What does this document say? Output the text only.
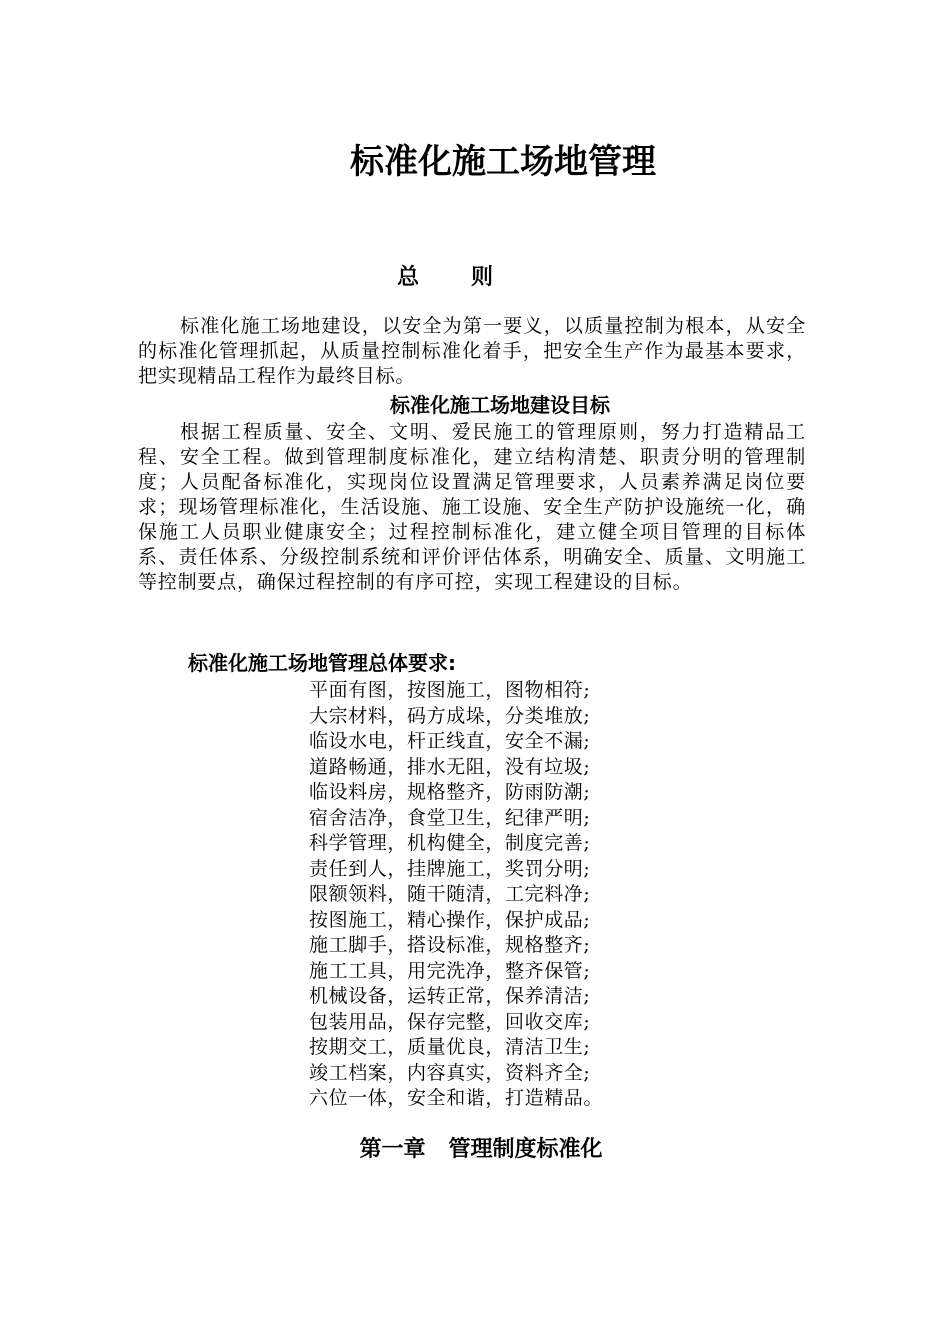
标准化施工场地管理
总则

标准化施工场地建设，以安全为第一要义，以质量控制为根本，从安全的标准化管理抓起，从质量控制标准化着手，把安全生产作为最基本要求，把实现精品工程作为最终目标。

标准化施工场地建设目标

根据工程质量、安全、文明、爱民施工的管理原则，努力打造精品工程、安全工程。做到管理制度标准化，建立结构清楚、职责分明的管理制度；人员配备标准化，实现岗位设置满足管理要求，人员素养满足岗位要求；现场管理标准化，生活设施、施工设施、安全生产防护设施统一化，确保施工人员职业健康安全；过程控制标准化，建立健全项目管理的目标体系、责任体系、分级控制系统和评价评估体系，明确安全、质量、文明施工等控制要点，确保过程控制的有序可控，实现工程建设的目标。

标准化施工场地管理总体要求:
平面有图，按图施工，图物相符;
大宗材料，码方成垛，分类堆放;
临设水电，杆正线直，安全不漏;
道路畅通，排水无阻，没有垃圾;
临设料房，规格整齐，防雨防潮;
宿舍洁净，食堂卫生，纪律严明;
科学管理，机构健全，制度完善;
责任到人，挂牌施工，奖罚分明;
限额领料，随干随清，工完料净;
按图施工，精心操作，保护成品;
施工脚手，搭设标准，规格整齐;
施工工具，用完洗净，整齐保管;
机械设备，运转正常，保养清洁;
包装用品，保存完整，回收交库;
按期交工，质量优良，清洁卫生;
竣工档案，内容真实，资料齐全;
六位一体，安全和谐，打造精品。
第一章   管理制度标准化
